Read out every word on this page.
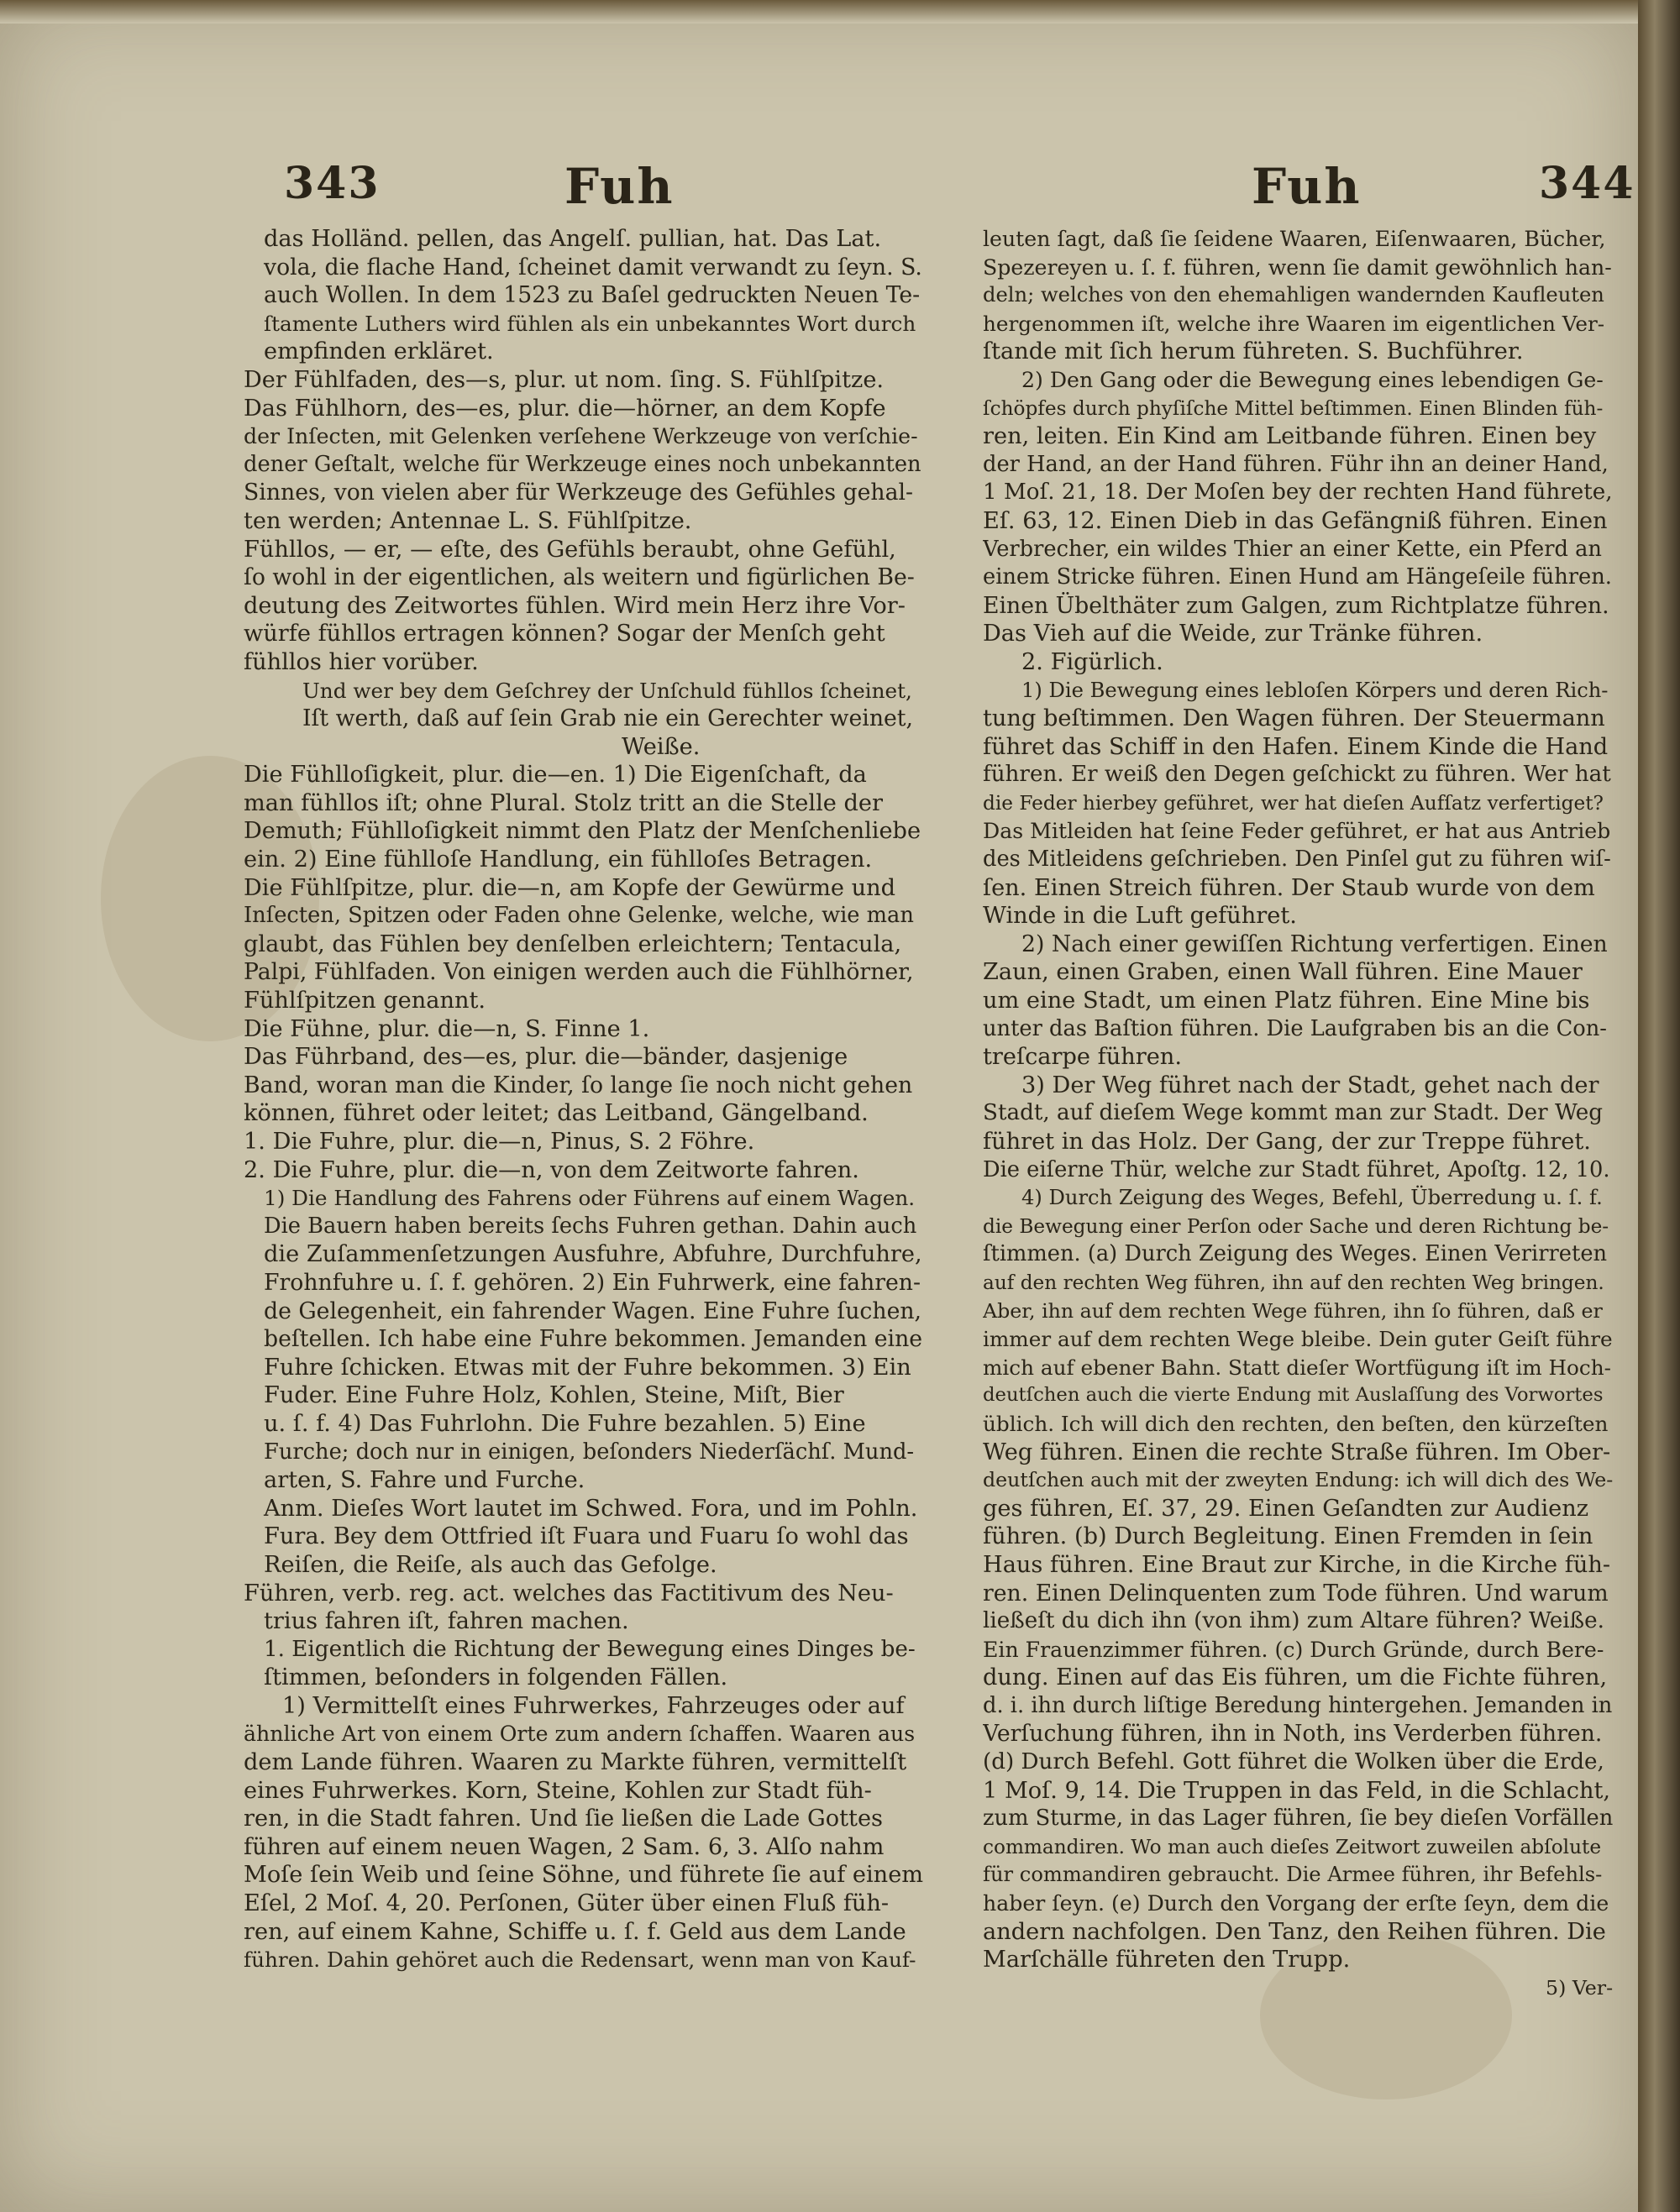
343	Fuh	Fuh	344
das Holländ. pellen, das Angelſ. pullian, hat. Das Lat.
vola, die flache Hand, ſcheinet damit verwandt zu ſeyn. S.
auch Wollen. In dem 1523 zu Baſel gedruckten Neuen Te-
ſtamente Luthers wird fühlen als ein unbekanntes Wort durch
empfinden erkläret.
Der Fühlfaden, des—s, plur. ut nom. ſing. S. Fühlſpitze.
Das Fühlhorn, des—es, plur. die—hörner, an dem Kopfe
der Inſecten, mit Gelenken verſehene Werkzeuge von verſchie-
dener Geſtalt, welche für Werkzeuge eines noch unbekannten
Sinnes, von vielen aber für Werkzeuge des Gefühles gehal-
ten werden; Antennae L. S. Fühlſpitze.
Fühllos, — er, — eſte, des Gefühls beraubt, ohne Gefühl,
ſo wohl in der eigentlichen, als weitern und figürlichen Be-
deutung des Zeitwortes fühlen. Wird mein Herz ihre Vor-
würfe fühllos ertragen können? Sogar der Menſch geht
fühllos hier vorüber.
Und wer bey dem Geſchrey der Unſchuld fühllos ſcheinet,
Iſt werth, daß auf ſein Grab nie ein Gerechter weinet,
Weiße.
Die Fühlloſigkeit, plur. die—en. 1) Die Eigenſchaft, da
man fühllos iſt; ohne Plural. Stolz tritt an die Stelle der
Demuth; Fühlloſigkeit nimmt den Platz der Menſchenliebe
ein. 2) Eine fühlloſe Handlung, ein fühlloſes Betragen.
Die Fühlſpitze, plur. die—n, am Kopfe der Gewürme und
Inſecten, Spitzen oder Faden ohne Gelenke, welche, wie man
glaubt, das Fühlen bey denſelben erleichtern; Tentacula,
Palpi, Fühlfaden. Von einigen werden auch die Fühlhörner,
Fühlſpitzen genannt.
Die Fühne, plur. die—n, S. Finne 1.
Das Führband, des—es, plur. die—bänder, dasjenige
Band, woran man die Kinder, ſo lange ſie noch nicht gehen
können, führet oder leitet; das Leitband, Gängelband.
1. Die Fuhre, plur. die—n, Pinus, S. 2 Föhre.
2. Die Fuhre, plur. die—n, von dem Zeitworte fahren.
1) Die Handlung des Fahrens oder Führens auf einem Wagen.
Die Bauern haben bereits ſechs Fuhren gethan. Dahin auch
die Zuſammenſetzungen Ausfuhre, Abfuhre, Durchfuhre,
Frohnfuhre u. ſ. f. gehören. 2) Ein Fuhrwerk, eine fahren-
de Gelegenheit, ein fahrender Wagen. Eine Fuhre ſuchen,
beſtellen. Ich habe eine Fuhre bekommen. Jemanden eine
Fuhre ſchicken. Etwas mit der Fuhre bekommen. 3) Ein
Fuder. Eine Fuhre Holz, Kohlen, Steine, Miſt, Bier
u. ſ. f. 4) Das Fuhrlohn. Die Fuhre bezahlen. 5) Eine
Furche; doch nur in einigen, beſonders Niederſächſ. Mund-
arten, S. Fahre und Furche.
Anm. Dieſes Wort lautet im Schwed. Fora, und im Pohln.
Fura. Bey dem Ottfried iſt Fuara und Fuaru ſo wohl das
Reiſen, die Reiſe, als auch das Gefolge.
Führen, verb. reg. act. welches das Factitivum des Neu-
trius fahren iſt, fahren machen.
1. Eigentlich die Richtung der Bewegung eines Dinges be-
ſtimmen, beſonders in folgenden Fällen.
1) Vermittelſt eines Fuhrwerkes, Fahrzeuges oder auf
ähnliche Art von einem Orte zum andern ſchaffen. Waaren aus
dem Lande führen. Waaren zu Markte führen, vermittelſt
eines Fuhrwerkes. Korn, Steine, Kohlen zur Stadt füh-
ren, in die Stadt fahren. Und ſie ließen die Lade Gottes
führen auf einem neuen Wagen, 2 Sam. 6, 3. Alſo nahm
Moſe ſein Weib und ſeine Söhne, und führete ſie auf einem
Eſel, 2 Moſ. 4, 20. Perſonen, Güter über einen Fluß füh-
ren, auf einem Kahne, Schiffe u. ſ. f. Geld aus dem Lande
führen. Dahin gehöret auch die Redensart, wenn man von Kauf-
leuten ſagt, daß ſie ſeidene Waaren, Eiſenwaaren, Bücher,
Spezereyen u. ſ. f. führen, wenn ſie damit gewöhnlich han-
deln; welches von den ehemahligen wandernden Kaufleuten
hergenommen iſt, welche ihre Waaren im eigentlichen Ver-
ſtande mit ſich herum führeten. S. Buchführer.
2) Den Gang oder die Bewegung eines lebendigen Ge-
ſchöpfes durch phyſiſche Mittel beſtimmen. Einen Blinden füh-
ren, leiten. Ein Kind am Leitbande führen. Einen bey
der Hand, an der Hand führen. Führ ihn an deiner Hand,
1 Moſ. 21, 18. Der Moſen bey der rechten Hand führete,
Eſ. 63, 12. Einen Dieb in das Gefängniß führen. Einen
Verbrecher, ein wildes Thier an einer Kette, ein Pferd an
einem Stricke führen. Einen Hund am Hängeſeile führen.
Einen Übelthäter zum Galgen, zum Richtplatze führen.
Das Vieh auf die Weide, zur Tränke führen.
2. Figürlich.
1) Die Bewegung eines lebloſen Körpers und deren Rich-
tung beſtimmen. Den Wagen führen. Der Steuermann
führet das Schiff in den Hafen. Einem Kinde die Hand
führen. Er weiß den Degen geſchickt zu führen. Wer hat
die Feder hierbey geführet, wer hat dieſen Aufſatz verfertiget?
Das Mitleiden hat ſeine Feder geführet, er hat aus Antrieb
des Mitleidens geſchrieben. Den Pinſel gut zu führen wiſ-
ſen. Einen Streich führen. Der Staub wurde von dem
Winde in die Luft geführet.
2) Nach einer gewiſſen Richtung verfertigen. Einen
Zaun, einen Graben, einen Wall führen. Eine Mauer
um eine Stadt, um einen Platz führen. Eine Mine bis
unter das Baſtion führen. Die Laufgraben bis an die Con-
treſcarpe führen.
3) Der Weg führet nach der Stadt, gehet nach der
Stadt, auf dieſem Wege kommt man zur Stadt. Der Weg
führet in das Holz. Der Gang, der zur Treppe führet.
Die eiſerne Thür, welche zur Stadt führet, Apoſtg. 12, 10.
4) Durch Zeigung des Weges, Befehl, Überredung u. ſ. f.
die Bewegung einer Perſon oder Sache und deren Richtung be-
ſtimmen. (a) Durch Zeigung des Weges. Einen Verirreten
auf den rechten Weg führen, ihn auf den rechten Weg bringen.
Aber, ihn auf dem rechten Wege führen, ihn ſo führen, daß er
immer auf dem rechten Wege bleibe. Dein guter Geiſt führe
mich auf ebener Bahn. Statt dieſer Wortfügung iſt im Hoch-
deutſchen auch die vierte Endung mit Auslaſſung des Vorwortes
üblich. Ich will dich den rechten, den beſten, den kürzeſten
Weg führen. Einen die rechte Straße führen. Im Ober-
deutſchen auch mit der zweyten Endung: ich will dich des We-
ges führen, Eſ. 37, 29. Einen Geſandten zur Audienz
führen. (b) Durch Begleitung. Einen Fremden in ſein
Haus führen. Eine Braut zur Kirche, in die Kirche füh-
ren. Einen Delinquenten zum Tode führen. Und warum
ließeſt du dich ihn (von ihm) zum Altare führen? Weiße.
Ein Frauenzimmer führen. (c) Durch Gründe, durch Bere-
dung. Einen auf das Eis führen, um die Fichte führen,
d. i. ihn durch liſtige Beredung hintergehen. Jemanden in
Verſuchung führen, ihn in Noth, ins Verderben führen.
(d) Durch Befehl. Gott führet die Wolken über die Erde,
1 Moſ. 9, 14. Die Truppen in das Feld, in die Schlacht,
zum Sturme, in das Lager führen, ſie bey dieſen Vorfällen
commandiren. Wo man auch dieſes Zeitwort zuweilen abſolute
für commandiren gebraucht. Die Armee führen, ihr Befehls-
haber ſeyn. (e) Durch den Vorgang der erſte ſeyn, dem die
andern nachfolgen. Den Tanz, den Reihen führen. Die
Marſchälle führeten den Trupp.
5) Ver-
